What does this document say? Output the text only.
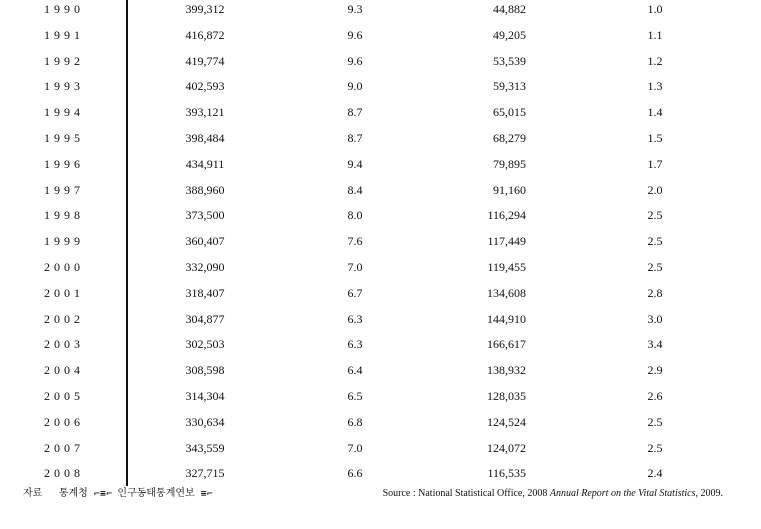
1990	399,312	9.3	44,882	1.0
1991	416,872	9.6	49,205	1.1
1992	419,774	9.6	53,539	1.2
1993	402,593	9.0	59,313	1.3
1994	393,121	8.7	65,015	1.4
1995	398,484	8.7	68,279	1.5
1996	434,911	9.4	79,895	1.7
1997	388,960	8.4	91,160	2.0
1998	373,500	8.0	116,294	2.5
1999	360,407	7.6	117,449	2.5
2000	332,090	7.0	119,455	2.5
2001	318,407	6.7	134,608	2.8
2002	304,877	6.3	144,910	3.0
2003	302,503	6.3	166,617	3.4
2004	308,598	6.4	138,932	2.9
2005	314,304	6.5	128,035	2.6
2006	330,634	6.8	124,524	2.5
2007	343,559	7.0	124,072	2.5
2008	327,715	6.6	116,535	2.4
자료 통계청 ⌐≡⌐ 인구동태통계연보 ≡⌐	Source : National Statistical Office, 2008 Annual Report on the Vital Statistics, 2009.
